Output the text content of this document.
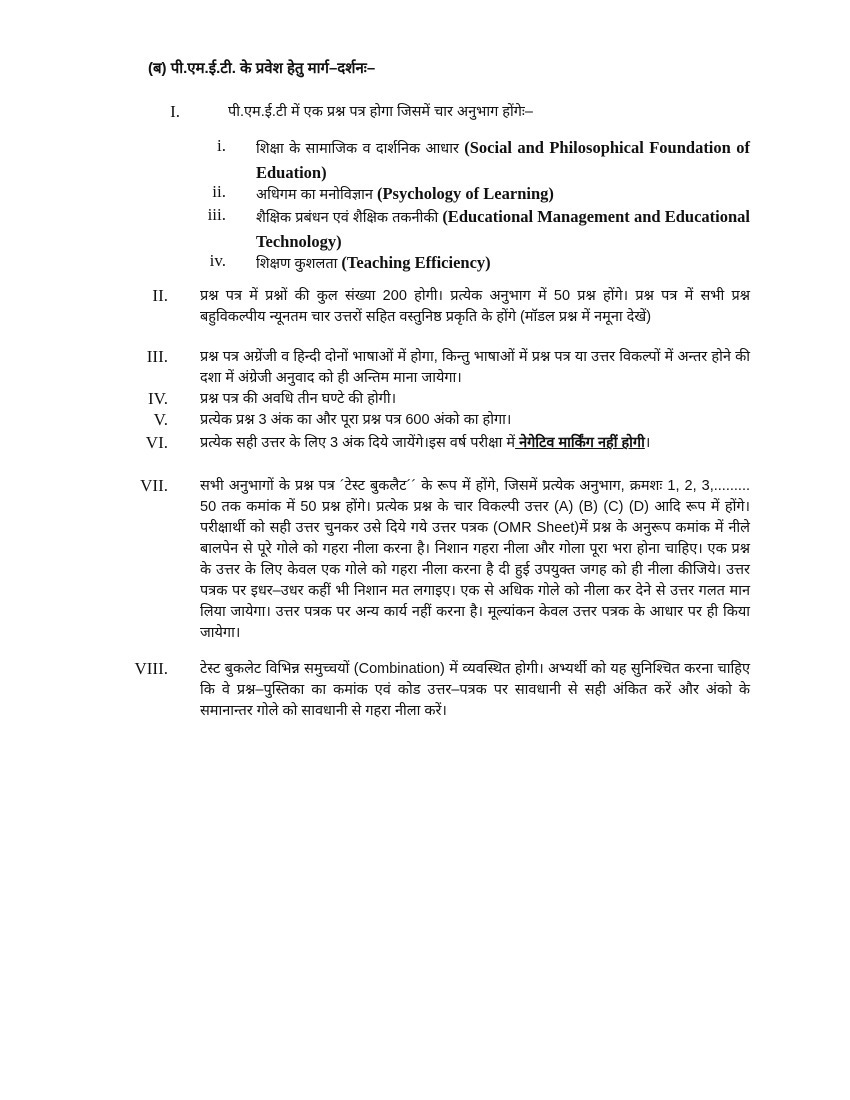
(ब) पी.एम.ई.टी. के प्रवेश हेतु मार्ग–दर्शनः–
I.	पी.एम.ई.टी में एक प्रश्न पत्र होगा जिसमें चार अनुभाग होंगेः–
i. शिक्षा के सामाजिक व दार्शनिक आधार (Social and Philosophical Foundation of Eduation)
ii. अधिगम का मनोविज्ञान (Psychology of Learning)
iii. शैक्षिक प्रबंधन एवं शैक्षिक तकनीकी (Educational Management and Educational Technology)
iv. शिक्षण कुशलता (Teaching Efficiency)
II. प्रश्न पत्र में प्रश्नों की कुल संख्या 200 होगी। प्रत्येक अनुभाग में 50 प्रश्न होंगे। प्रश्न पत्र में सभी प्रश्न बहुविकल्पीय न्यूनतम चार उत्तरों सहित वस्तुनिष्ठ प्रकृति के होंगे (मॉडल प्रश्न में नमूना देखें)
III. प्रश्न पत्र अग्रेंजी व हिन्दी दोनों भाषाओं में होगा, किन्तु भाषाओं में प्रश्न पत्र या उत्तर विकल्पों में अन्तर होने की दशा में अंग्रेजी अनुवाद को ही अन्तिम माना जायेगा।
IV. प्रश्न पत्र की अवधि तीन घण्टे की होगी।
V. प्रत्येक प्रश्न 3 अंक का और पूरा प्रश्न पत्र 600 अंको का होगा।
VI. प्रत्येक सही उत्तर के लिए 3 अंक दिये जायेंगे।इस वर्ष परीक्षा में नेगेटिव मार्किंग नहीं होगी।
VII. सभी अनुभागों के प्रश्न पत्र ´टेस्ट बुकलैट´´ के रूप में होंगे, जिसमें प्रत्येक अनुभाग, क्रमशः 1, 2, 3,......... 50 तक कमांक में 50 प्रश्न होंगे। प्रत्येक प्रश्न के चार विकल्पी उत्तर (A) (B) (C) (D) आदि रूप में होंगे। परीक्षार्थी को सही उत्तर चुनकर उसे दिये गये उत्तर पत्रक (OMR Sheet)में प्रश्न के अनुरूप कमांक में नीले बालपेन से पूरे गोले को गहरा नीला करना है। निशान गहरा नीला और गोला पूरा भरा होना चाहिए। एक प्रश्न के उत्तर के लिए केवल एक गोले को गहरा नीला करना है दी हुई उपयुक्त जगह को ही नीला कीजिये। उत्तर पत्रक पर इधर–उधर कहीं भी निशान मत लगाइए। एक से अधिक गोले को नीला कर देने से उत्तर गलत मान लिया जायेगा। उत्तर पत्रक पर अन्य कार्य नहीं करना है। मूल्यांकन केवल उत्तर पत्रक के आधार पर ही किया जायेगा।
VIII. टेस्ट बुकलेट विभिन्न समुच्चयों (Combination) में व्यवस्थित होगी। अभ्यर्थी को यह सुनिश्चित करना चाहिए कि वे प्रश्न–पुस्तिका का कमांक एवं कोड उत्तर–पत्रक पर सावधानी से सही अंकित करें और अंको के समानान्तर गोले को सावधानी से गहरा नीला करें।
